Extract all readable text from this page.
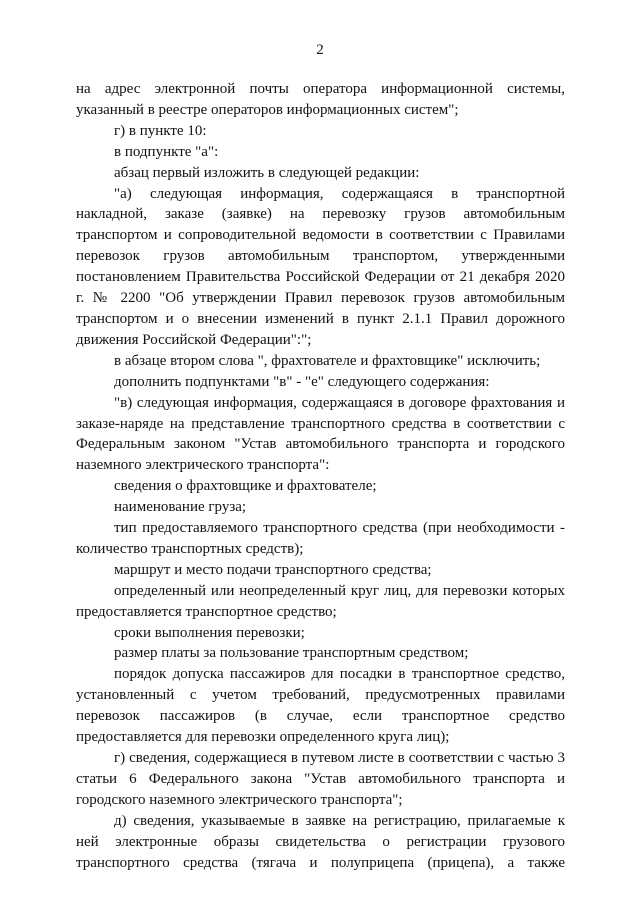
2

на адрес электронной почты оператора информационной системы, указанный в реестре операторов информационных систем";

г) в пункте 10:

в подпункте "а":

абзац первый изложить в следующей редакции:

"а) следующая информация, содержащаяся в транспортной накладной, заказе (заявке) на перевозку грузов автомобильным транспортом и сопроводительной ведомости в соответствии с Правилами перевозок грузов автомобильным транспортом, утвержденными постановлением Правительства Российской Федерации от 21 декабря 2020 г. № 2200 "Об утверждении Правил перевозок грузов автомобильным транспортом и о внесении изменений в пункт 2.1.1 Правил дорожного движения Российской Федерации":";

в абзаце втором слова ", фрахтователе и фрахтовщике" исключить;

дополнить подпунктами "в" - "е" следующего содержания:

"в) следующая информация, содержащаяся в договоре фрахтования и заказе-наряде на представление транспортного средства в соответствии с Федеральным законом "Устав автомобильного транспорта и городского наземного электрического транспорта":

сведения о фрахтовщике и фрахтователе;

наименование груза;

тип предоставляемого транспортного средства (при необходимости - количество транспортных средств);

маршрут и место подачи транспортного средства;

определенный или неопределенный круг лиц, для перевозки которых предоставляется транспортное средство;

сроки выполнения перевозки;

размер платы за пользование транспортным средством;

порядок допуска пассажиров для посадки в транспортное средство, установленный с учетом требований, предусмотренных правилами перевозок пассажиров (в случае, если транспортное средство предоставляется для перевозки определенного круга лиц);

г) сведения, содержащиеся в путевом листе в соответствии с частью 3 статьи 6 Федерального закона "Устав автомобильного транспорта и городского наземного электрического транспорта";

д) сведения, указываемые в заявке на регистрацию, прилагаемые к ней электронные образы свидетельства о регистрации грузового транспортного средства (тягача и полуприцепа (прицепа), а также
